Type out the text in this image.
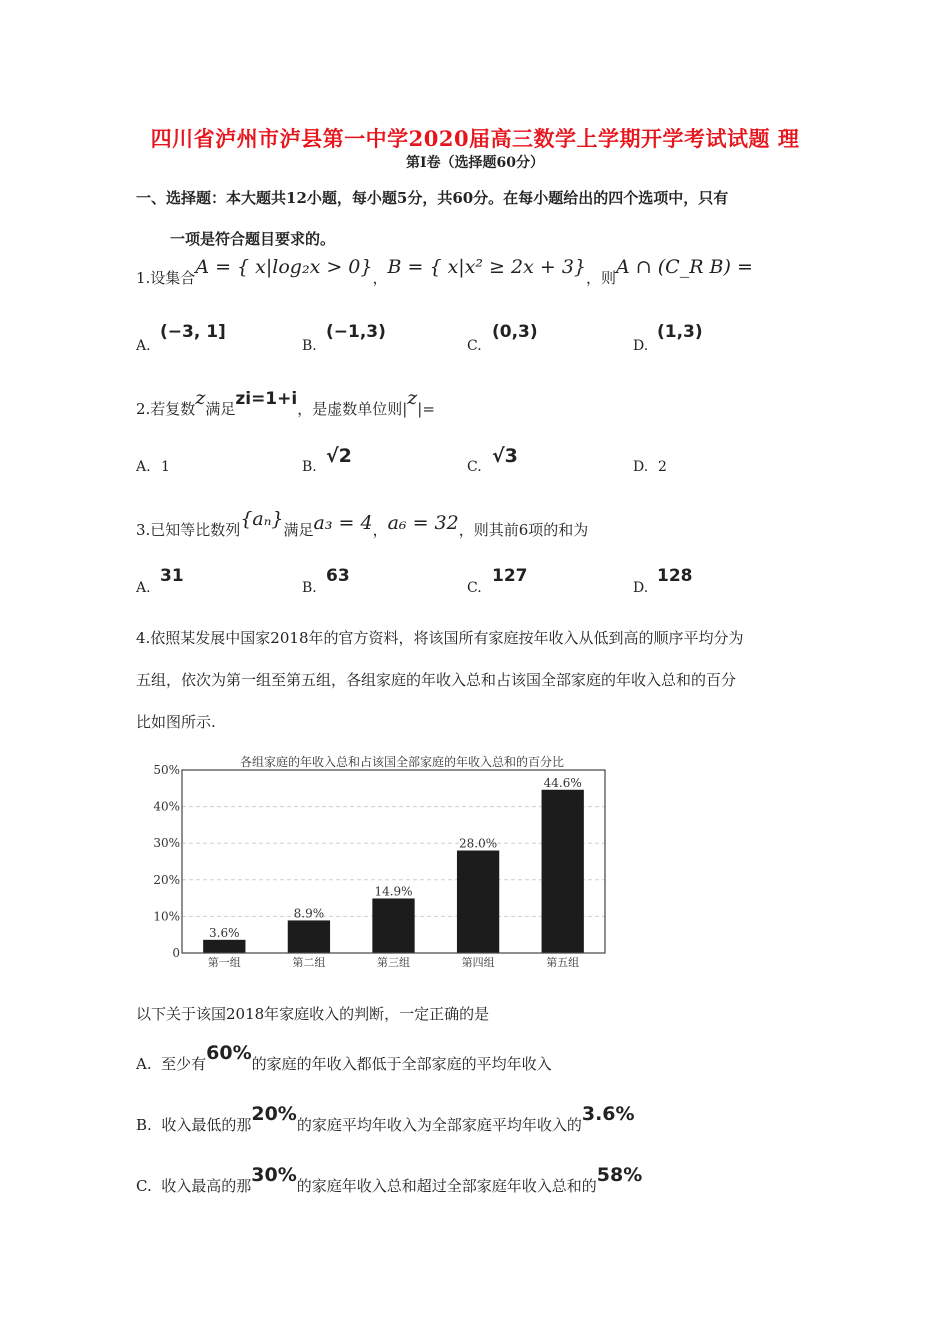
四川省泸州市泸县第一中学2020届高三数学上学期开学考试试题 理
第Ⅰ卷（选择题60分）
一、选择题：本大题共12小题，每小题5分，共60分。在每小题给出的四个选项中，只有
一项是符合题目要求的。
1.设集合A = { x|log₂x > 0}，B = { x|x² ≥ 2x + 3}，则A ∩ (C_R B) =
A.
(−3, 1]
B.
(−1,3)
C.
(0,3)
D.
(1,3)
2.若复数z满足zi=1+i，是虚数单位则|z|=
A. 1	B. √2	C. √3	D. 2
3.已知等比数列{aₙ}满足a₃ = 4，a₆ = 32，则其前6项的和为
A.
31
B.
63
C.
127
D.
128
4.依照某发展中国家2018年的官方资料，将该国所有家庭按年收入从低到高的顺序平均分为
五组，依次为第一组至第五组，各组家庭的年收入总和占该国全部家庭的年收入总和的百分
比如图所示.
各组家庭的年收入总和占该国全部家庭的年收入总和的百分比
0
10%
20%
30%
40%
50%
3.6%
8.9%
14.9%
28.0%
44.6%
第一组	第二组	第三组	第四组	第五组
以下关于该国2018年家庭收入的判断，一定正确的是
A. 至少有60%的家庭的年收入都低于全部家庭的平均年收入
B. 收入最低的那20%的家庭平均年收入为全部家庭平均年收入的3.6%
C. 收入最高的那30%的家庭年收入总和超过全部家庭年收入总和的58%
